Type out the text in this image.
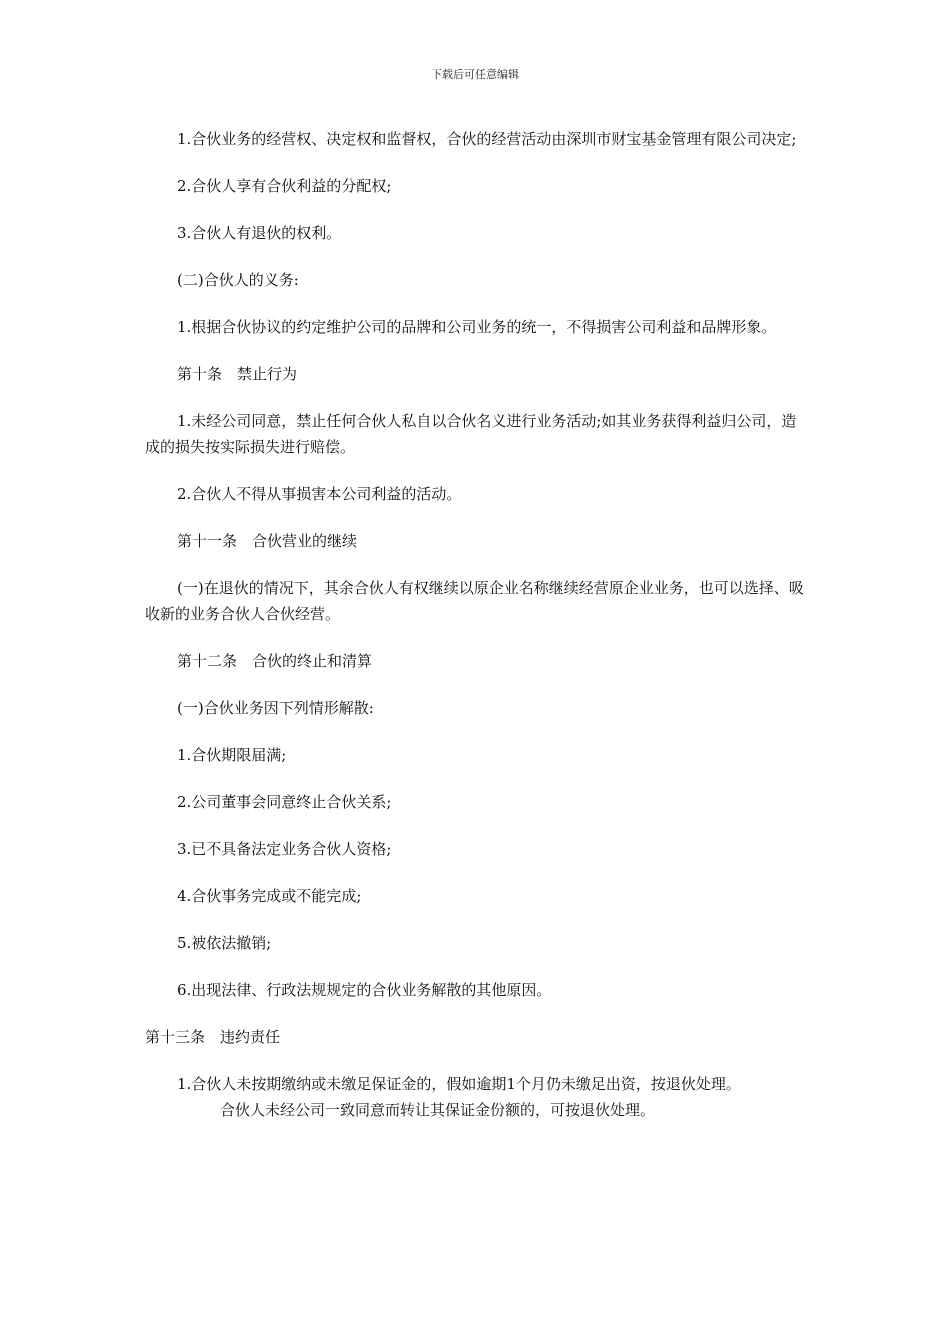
下载后可任意编辑

1.合伙业务的经营权、决定权和监督权，合伙的经营活动由深圳市财宝基金管理有限公司决定;

2.合伙人享有合伙利益的分配权;

3.合伙人有退伙的权利。

(二)合伙人的义务:

1.根据合伙协议的约定维护公司的品牌和公司业务的统一，不得损害公司利益和品牌形象。

第十条　禁止行为

1.未经公司同意，禁止任何合伙人私自以合伙名义进行业务活动;如其业务获得利益归公司，造成的损失按实际损失进行赔偿。

2.合伙人不得从事损害本公司利益的活动。

第十一条　合伙营业的继续

(一)在退伙的情况下，其余合伙人有权继续以原企业名称继续经营原企业业务，也可以选择、吸收新的业务合伙人合伙经营。

第十二条　合伙的终止和清算

(一)合伙业务因下列情形解散:

1.合伙期限届满;

2.公司董事会同意终止合伙关系;

3.已不具备法定业务合伙人资格;

4.合伙事务完成或不能完成;

5.被依法撤销;

6.出现法律、行政法规规定的合伙业务解散的其他原因。

第十三条　违约责任

1.合伙人未按期缴纳或未缴足保证金的，假如逾期1个月仍未缴足出资，按退伙处理。

合伙人未经公司一致同意而转让其保证金份额的，可按退伙处理。
